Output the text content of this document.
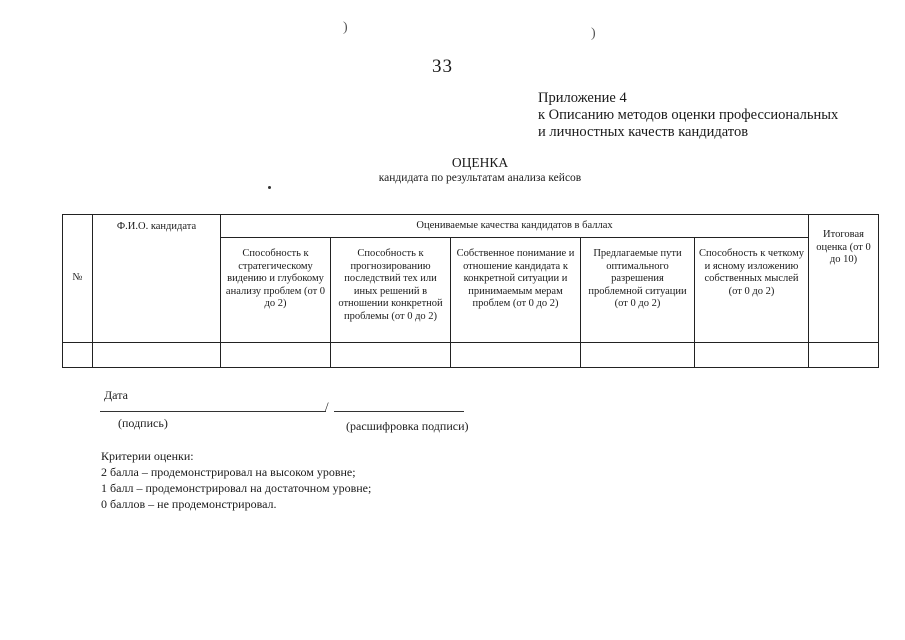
)	)
33
Приложение 4
к Описанию методов оценки профессиональных
и личностных качеств кандидатов
ОЦЕНКА
кандидата по результатам анализа кейсов
№	Ф.И.О. кандидата	Оцениваемые качества кандидатов в баллах					Итоговая оценка (от 0 до 10)
		Способность к стратегическому видению и глубокому анализу проблем (от 0 до 2)	Способность к прогнозированию последствий тех или иных решений в отношении конкретной проблемы (от 0 до 2)	Собственное понимание и отношение кандидата к конкретной ситуации и принимаемым мерам проблем (от 0 до 2)	Предлагаемые пути оптимального разрешения проблемной ситуации (от 0 до 2)	Способность к четкому и ясному изложению собственных мыслей (от 0 до 2)	

Дата
/
(подпись)	(расшифровка подписи)
Критерии оценки:
2 балла – продемонстрировал на высоком уровне;
1 балл – продемонстрировал на достаточном уровне;
0 баллов – не продемонстрировал.
